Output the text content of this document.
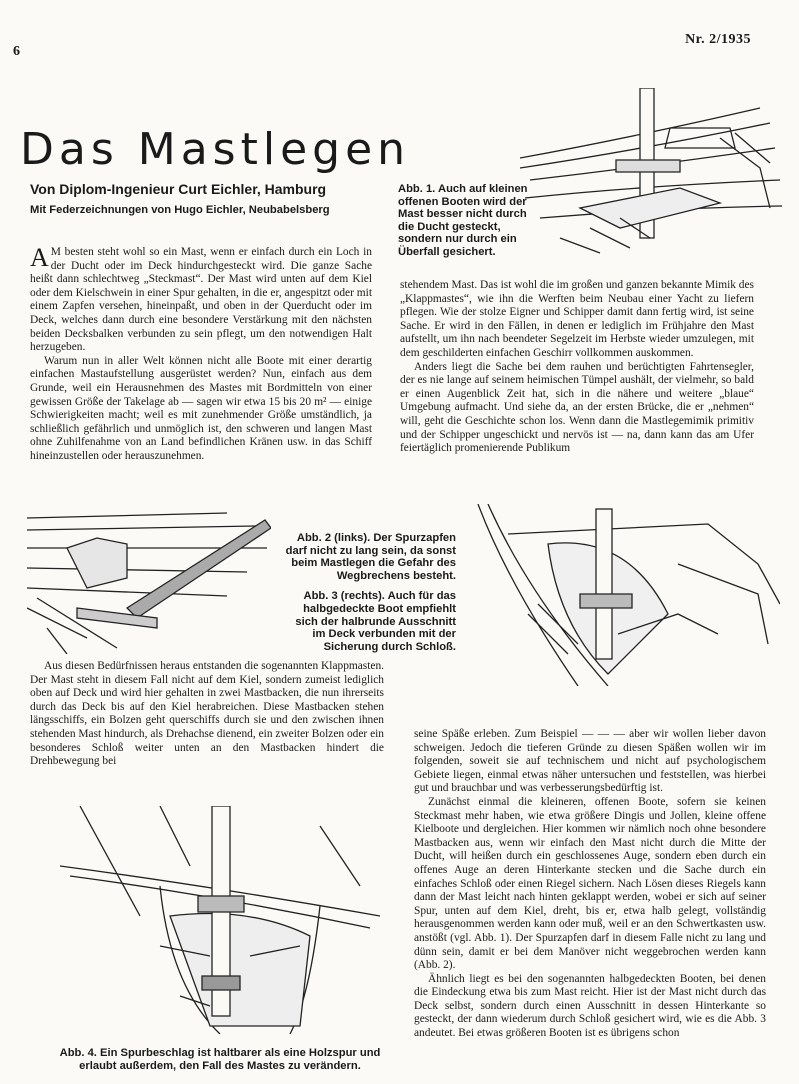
6
Nr. 2/1935
Das Mastlegen
Von Diplom-Ingenieur Curt Eichler, Hamburg
Mit Federzeichnungen von Hugo Eichler, Neubabelsberg
Abb. 1. Auch auf kleinen offenen Booten wird der Mast besser nicht durch die Ducht gesteckt, sondern nur durch ein Überfall gesichert.

A M besten steht wohl so ein Mast, wenn er einfach durch ein Loch in der Ducht oder im Deck hindurchgesteckt wird. Die ganze Sache heißt dann schlechtweg „Steckmast“. Der Mast wird unten auf dem Kiel oder dem Kielschwein in einer Spur gehalten, in die er, angespitzt oder mit einem Zapfen versehen, hineinpaßt, und oben in der Querducht oder im Deck, welches dann durch eine besondere Verstärkung mit den nächsten beiden Decksbalken verbunden zu sein pflegt, um den notwendigen Halt herzugeben.

Warum nun in aller Welt können nicht alle Boote mit einer derartig einfachen Mastaufstellung ausgerüstet werden? Nun, einfach aus dem Grunde, weil ein Herausnehmen des Mastes mit Bordmitteln von einer gewissen Größe der Takelage ab — sagen wir etwa 15 bis 20 m² — einige Schwierigkeiten macht; weil es mit zunehmender Größe umständlich, ja schließlich gefährlich und unmöglich ist, den schweren und langen Mast ohne Zuhilfenahme von an Land befindlichen Kränen usw. in das Schiff hineinzustellen oder herauszunehmen.

stehendem Mast. Das ist wohl die im großen und ganzen bekannte Mimik des „Klappmastes“, wie ihn die Werften beim Neubau einer Yacht zu liefern pflegen. Wie der stolze Eigner und Schipper damit dann fertig wird, ist seine Sache. Er wird in den Fällen, in denen er lediglich im Frühjahre den Mast aufstellt, um ihn nach beendeter Segelzeit im Herbste wieder umzulegen, mit dem geschilderten einfachen Geschirr vollkommen auskommen.

Anders liegt die Sache bei dem rauhen und berüchtigten Fahrtensegler, der es nie lange auf seinem heimischen Tümpel aushält, der vielmehr, so bald er einen Augenblick Zeit hat, sich in die nähere und weitere „blaue“ Umgebung aufmacht. Und siehe da, an der ersten Brücke, die er „nehmen“ will, geht die Geschichte schon los. Wenn dann die Mastlegemimik primitiv und der Schipper ungeschickt und nervös ist — na, dann kann das am Ufer feiertäglich promenierende Publikum

Abb. 2 (links). Der Spurzapfen darf nicht zu lang sein, da sonst beim Mastlegen die Gefahr des Wegbrechens besteht.

Abb. 3 (rechts). Auch für das halbgedeckte Boot empfiehlt sich der halbrunde Ausschnitt im Deck verbunden mit der Sicherung durch Schloß.

Aus diesen Bedürfnissen heraus entstanden die sogenannten Klappmasten. Der Mast steht in diesem Fall nicht auf dem Kiel, sondern zumeist lediglich oben auf Deck und wird hier gehalten in zwei Mastbacken, die nun ihrerseits durch das Deck bis auf den Kiel herabreichen. Diese Mastbacken stehen längsschiffs, ein Bolzen geht querschiffs durch sie und den zwischen ihnen stehenden Mast hindurch, als Drehachse dienend, ein zweiter Bolzen oder ein besonderes Schloß weiter unten an den Mastbacken hindert die Drehbewegung bei

Abb. 4. Ein Spurbeschlag ist haltbarer als eine Holzspur und erlaubt außerdem, den Fall des Mastes zu verändern.

seine Späße erleben. Zum Beispiel — — — aber wir wollen lieber davon schweigen. Jedoch die tieferen Gründe zu diesen Späßen wollen wir im folgenden, soweit sie auf technischem und nicht auf psychologischem Gebiete liegen, einmal etwas näher untersuchen und feststellen, was hierbei gut und brauchbar und was verbesserungsbedürftig ist.

Zunächst einmal die kleineren, offenen Boote, sofern sie keinen Steckmast mehr haben, wie etwa größere Dingis und Jollen, kleine offene Kielboote und dergleichen. Hier kommen wir nämlich noch ohne besondere Mastbacken aus, wenn wir einfach den Mast nicht durch die Mitte der Ducht, will heißen durch ein geschlossenes Auge, sondern eben durch ein offenes Auge an deren Hinterkante stecken und die Sache durch ein einfaches Schloß oder einen Riegel sichern. Nach Lösen dieses Riegels kann dann der Mast leicht nach hinten geklappt werden, wobei er sich auf seiner Spur, unten auf dem Kiel, dreht, bis er, etwa halb gelegt, vollständig herausgenommen werden kann oder muß, weil er an den Schwertkasten usw. anstößt (vgl. Abb. 1). Der Spurzapfen darf in diesem Falle nicht zu lang und dünn sein, damit er bei dem Manöver nicht weggebrochen werden kann (Abb. 2).

Ähnlich liegt es bei den sogenannten halbgedeckten Booten, bei denen die Eindeckung etwa bis zum Mast reicht. Hier ist der Mast nicht durch das Deck selbst, sondern durch einen Ausschnitt in dessen Hinterkante so gesteckt, der dann wiederum durch Schloß gesichert wird, wie es die Abb. 3 andeutet. Bei etwas größeren Booten ist es übrigens schon
